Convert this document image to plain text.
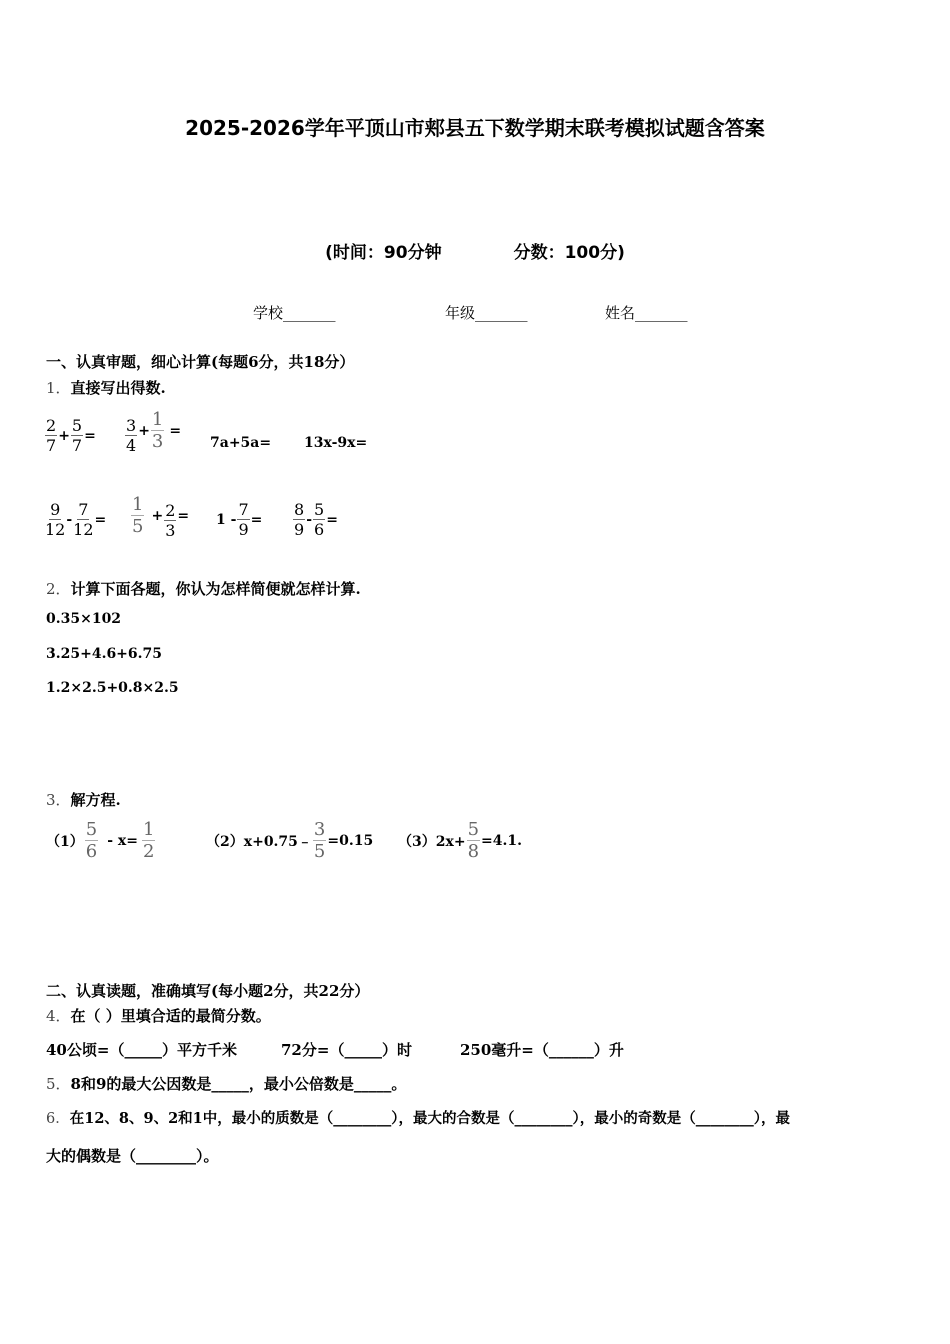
2025-2026学年平顶山市郏县五下数学期末联考模拟试题含答案
(时间：90分钟	分数：100分)
学校_______	年级_______	姓名_______
一、认真审题，细心计算(每题6分，共18分）
1．直接写出得数.
$\frac{2}{7} + \frac{5}{7} = \frac{3}{4} + \frac{1}{3}$ =
7a+5a= 13x-9x=
$\frac{9}{12} - \frac{7}{12} = \frac{1}{5} + \frac{2}{3} = 1 - \frac{7}{9} = \frac{8}{9} - \frac{5}{6}$ =
2．计算下面各题，你认为怎样简便就怎样计算.
0.35×102
3.25+4.6+6.75
1.2×2.5+0.8×2.5
3．解方程.
$(1) \frac{5}{6} - x= \frac{1}{2}$	（2）x+0.75﹣ $\frac{3}{5} =0.15$ $(3)2x+ \frac{5}{8} =4.1$.
二、认真读题，准确填写(每小题2分，共22分）
4．在（ ）里填合适的最简分数。
40公顷=（_____）平方千米	72分=（_____）时	250毫升=（______）升
5．8和9的最大公因数是_____，最小公倍数是_____。
6．在12、8、9、2和1中，最小的质数是（________），最大的合数是（________），最小的奇数是（________），最
大的偶数是（________）。
